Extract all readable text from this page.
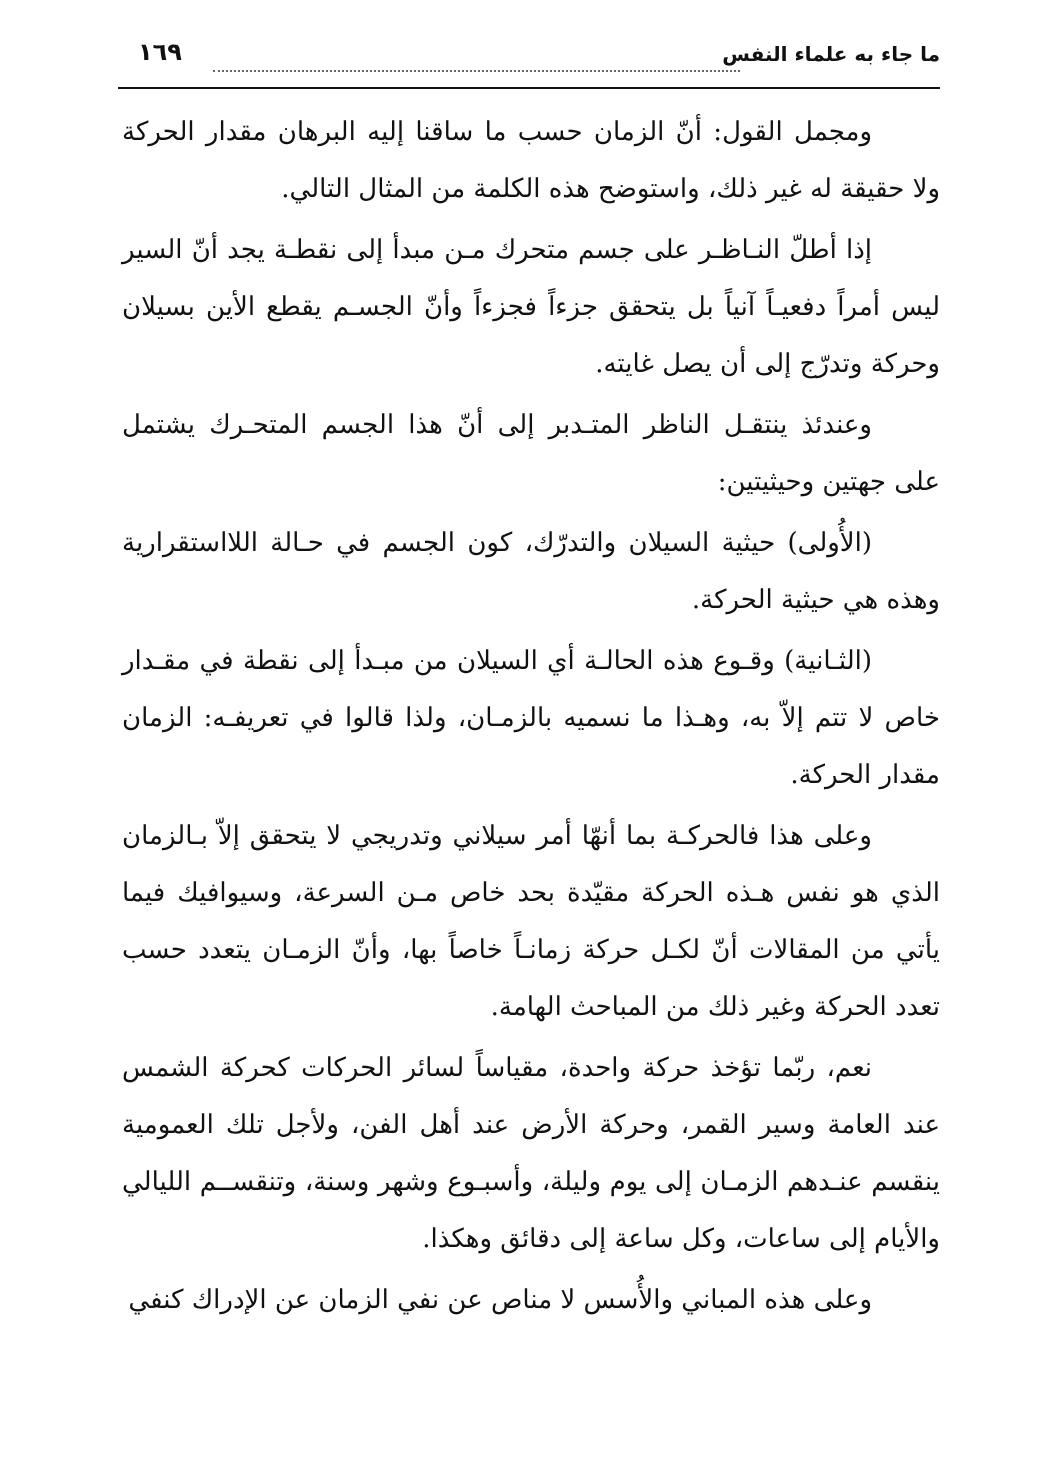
ما جاء به علماء النفس
١٦٩

ومجمل القول: أنّ الزمان حسب ما ساقنا إليه البرهان مقدار الحركة ولا حقيقة له غير ذلك، واستوضح هذه الكلمة من المثال التالي.

إذا أطلّ النـاظـر على جسم متحرك مـن مبدأ إلى نقطـة يجد أنّ السير ليس أمراً دفعيـاً آنياً بل يتحقق جزءاً فجزءاً وأنّ الجسـم يقطع الأين بسيلان وحركة وتدرّج إلى أن يصل غايته.

وعندئذ ينتقـل الناظر المتـدبر إلى أنّ هذا الجسم المتحـرك يشتمل على جهتين وحيثيتين:

(الأُولى) حيثية السيلان والتدرّك، كون الجسم في حـالة اللااستقرارية وهذه هي حيثية الحركة.

(الثـانية) وقـوع هذه الحالـة أي السيلان من مبـدأ إلى نقطة في مقـدار خاص لا تتم إلاّ به، وهـذا ما نسميه بالزمـان، ولذا قالوا في تعريفـه: الزمان مقدار الحركة.

وعلى هذا فالحركـة بما أنهّا أمر سيلاني وتدريجي لا يتحقق إلاّ بـالزمان الذي هو نفس هـذه الحركة مقيّدة بحد خاص مـن السرعة، وسيوافيك فيما يأتي من المقالات أنّ لكـل حركة زمانـاً خاصاً بها، وأنّ الزمـان يتعدد حسب تعدد الحركة وغير ذلك من المباحث الهامة.

نعم، ربّما تؤخذ حركة واحدة، مقياساً لسائر الحركات كحركة الشمس عند العامة وسير القمر، وحركة الأرض عند أهل الفن، ولأجل تلك العمومية ينقسم عنـدهم الزمـان إلى يوم وليلة، وأسبـوع وشهر وسنة، وتنقســم الليالي والأيام إلى ساعات، وكل ساعة إلى دقائق وهكذا.

وعلى هذه المباني والأُسس لا مناص عن نفي الزمان عن الإدراك كنفي
